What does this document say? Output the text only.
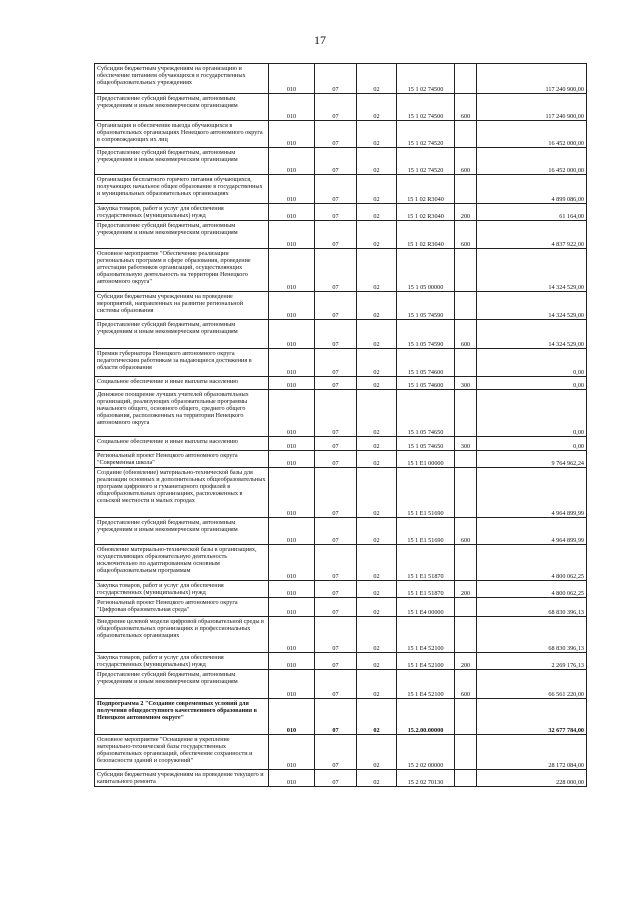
17
Субсидии бюджетным учреждениям на организацию и обеспечение питанием обучающихся в государственных общеобразовательных учреждениях	010	07	02	15 1 02 74500		117 240 900,00
Предоставление субсидий бюджетным, автономным учреждениям и иным некоммерческим организациям	010	07	02	15 1 02 74500	600	117 240 900,00
Организация и обеспечение выезда обучающихся в образовательных организациях Ненецкого автономного округа в сопровождающих их лиц	010	07	02	15 1 02 74520		16 452 000,00
Предоставление субсидий бюджетным, автономным учреждениям и иным некоммерческим организациям	010	07	02	15 1 02 74520	600	16 452 000,00
Организация бесплатного горячего питания обучающихся, получающих начальное общее образование в государственных и муниципальных образовательных организациях	010	07	02	15 1 02 R3040		4 899 086,00
Закупка товаров, работ и услуг для обеспечения государственных (муниципальных) нужд	010	07	02	15 1 02 R3040	200	61 164,00
Предоставление субсидий бюджетным, автономным учреждениям и иным некоммерческим организациям	010	07	02	15 1 02 R3040	600	4 837 922,00
Основное мероприятие "Обеспечение реализации региональных программ в сфере образования, проведение аттестации работников организаций, осуществляющих образовательную деятельность на территории Ненецкого автономного округа"	010	07	02	15 1 05 00000		14 324 529,00
Субсидии бюджетным учреждениям на проведение мероприятий, направленных на развитие региональной системы образования	010	07	02	15 1 05 74590		14 324 529,00
Предоставление субсидий бюджетным, автономным учреждениям и иным некоммерческим организациям	010	07	02	15 1 05 74590	600	14 324 529,00
Премии губернатора Ненецкого автономного округа педагогическим работникам за выдающиеся достижения в области образования	010	07	02	15 1 05 74600		0,00
Социальное обеспечение и иные выплаты населению	010	07	02	15 1 05 74600	300	0,00
Денежное поощрение лучших учителей образовательных организаций, реализующих образовательные программы начального общего, основного общего, среднего общего образования, расположенных на территории Ненецкого автономного округа	010	07	02	15 1 05 74650		0,00
Социальное обеспечение и иные выплаты населению	010	07	02	15 1 05 74650	300	0,00
Региональный проект Ненецкого автономного округа "Современная школа"	010	07	02	15 1 E1 00000		9 764 962,24
Создание (обновление) материально-технической базы для реализации основных и дополнительных общеобразовательных программ цифрового и гуманитарного профилей в общеобразовательных организациях, расположенных в сельской местности и малых городах	010	07	02	15 1 E1 51690		4 964 899,99
Предоставление субсидий бюджетным, автономным учреждениям и иным некоммерческим организациям	010	07	02	15 1 E1 51690	600	4 964 899,99
Обновление материально-технической базы в организациях, осуществляющих образовательную деятельность исключительно по адаптированным основным общеобразовательным программам	010	07	02	15 1 E1 51870		4 800 062,25
Закупка товаров, работ и услуг для обеспечения государственных (муниципальных) нужд	010	07	02	15 1 E1 51870	200	4 800 062,25
Региональный проект Ненецкого автономного округа "Цифровая образовательная среда"	010	07	02	15 1 E4 00000		68 830 396,13
Внедрение целевой модели цифровой образовательной среды в общеобразовательных организациях и профессиональных образовательных организациях	010	07	02	15 1 E4 52100		68 830 396,13
Закупка товаров, работ и услуг для обеспечения государственных (муниципальных) нужд	010	07	02	15 1 E4 52100	200	2 269 176,13
Предоставление субсидий бюджетным, автономным учреждениям и иным некоммерческим организациям	010	07	02	15 1 E4 52100	600	66 561 220,00
Подпрограмма 2 "Создание современных условий для получения общедоступного качественного образования в Ненецком автономном округе"	010	07	02	15.2.00.00000		32 677 784,00
Основное мероприятие "Оснащение и укрепление материально-технической базы государственных образовательных организаций, обеспечение сохранности и безопасности зданий и сооружений"	010	07	02	15 2 02 00000		28 172 084,00
Субсидии бюджетным учреждениям на проведение текущего и капитального ремонта	010	07	02	15 2 02 70130		228 000,00
